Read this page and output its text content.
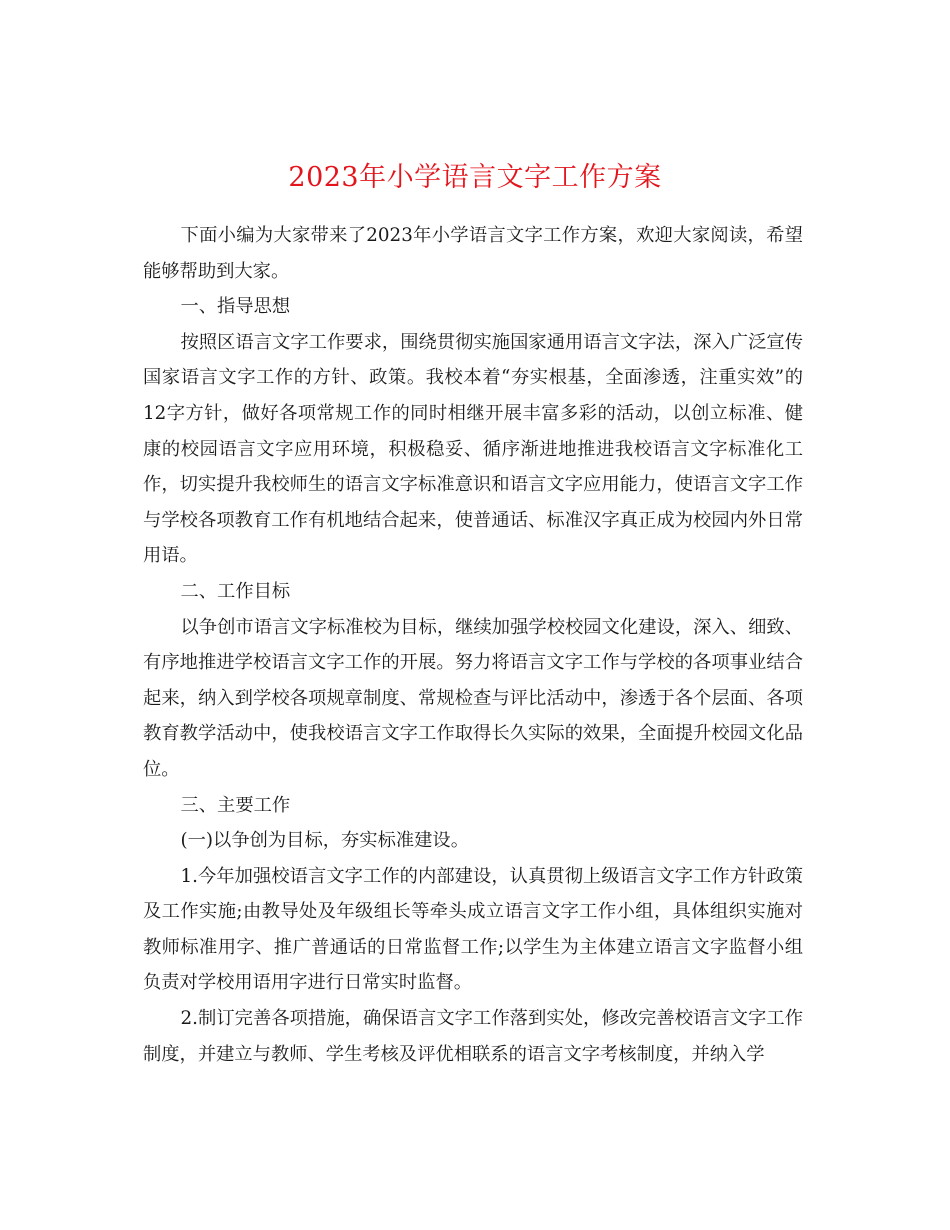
2023年小学语言文字工作方案

下面小编为大家带来了2023年小学语言文字工作方案，欢迎大家阅读，希望能够帮助到大家。

一、指导思想

按照区语言文字工作要求，围绕贯彻实施国家通用语言文字法，深入广泛宣传国家语言文字工作的方针、政策。我校本着“夯实根基，全面渗透，注重实效”的12字方针，做好各项常规工作的同时相继开展丰富多彩的活动，以创立标准、健康的校园语言文字应用环境，积极稳妥、循序渐进地推进我校语言文字标准化工作，切实提升我校师生的语言文字标准意识和语言文字应用能力，使语言文字工作与学校各项教育工作有机地结合起来，使普通话、标准汉字真正成为校园内外日常用语。

二、工作目标

以争创市语言文字标准校为目标，继续加强学校校园文化建设，深入、细致、有序地推进学校语言文字工作的开展。努力将语言文字工作与学校的各项事业结合起来，纳入到学校各项规章制度、常规检查与评比活动中，渗透于各个层面、各项教育教学活动中，使我校语言文字工作取得长久实际的效果，全面提升校园文化品位。

三、主要工作

(一)以争创为目标，夯实标准建设。

1.今年加强校语言文字工作的内部建设，认真贯彻上级语言文字工作方针政策及工作实施;由教导处及年级组长等牵头成立语言文字工作小组，具体组织实施对教师标准用字、推广普通话的日常监督工作;以学生为主体建立语言文字监督小组负责对学校用语用字进行日常实时监督。

2.制订完善各项措施，确保语言文字工作落到实处，修改完善校语言文字工作制度，并建立与教师、学生考核及评优相联系的语言文字考核制度，并纳入学
